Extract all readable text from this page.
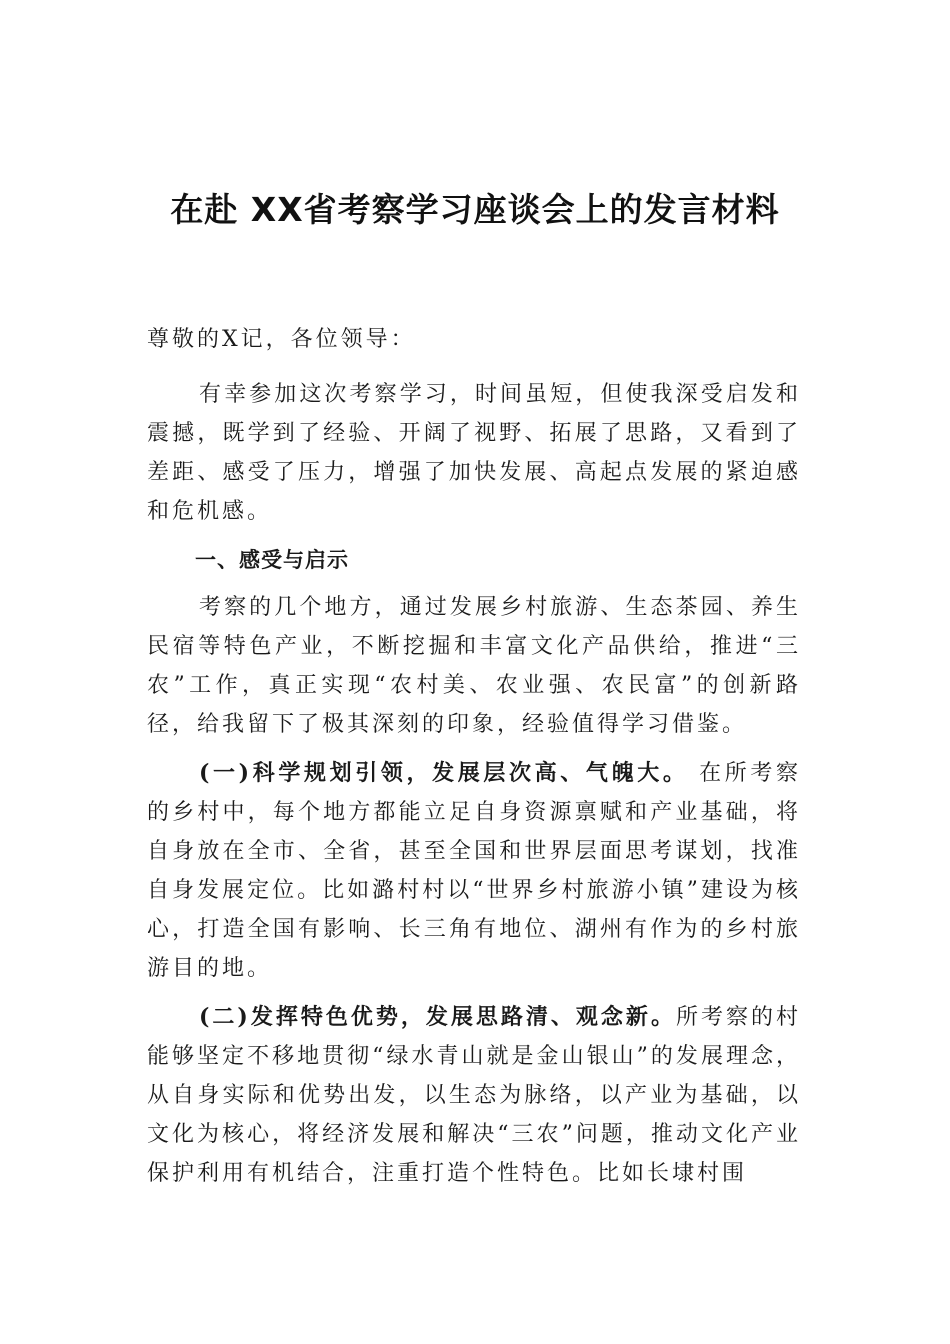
在赴 XX省考察学习座谈会上的发言材料

尊敬的X记，各位领导：

有幸参加这次考察学习，时间虽短，但使我深受启发和震撼，既学到了经验、开阔了视野、拓展了思路，又看到了差距、感受了压力，增强了加快发展、高起点发展的紧迫感和危机感。

一、感受与启示

考察的几个地方，通过发展乡村旅游、生态茶园、养生民宿等特色产业，不断挖掘和丰富文化产品供给，推进“三农”工作，真正实现“农村美、农业强、农民富”的创新路径，给我留下了极其深刻的印象，经验值得学习借鉴。

(一)科学规划引领，发展层次高、气魄大。 在所考察的乡村中，每个地方都能立足自身资源禀赋和产业基础，将自身放在全市、全省，甚至全国和世界层面思考谋划，找准自身发展定位。比如潞村村以“世界乡村旅游小镇”建设为核心，打造全国有影响、长三角有地位、湖州有作为的乡村旅游目的地。

(二)发挥特色优势，发展思路清、观念新。所考察的村能够坚定不移地贯彻“绿水青山就是金山银山”的发展理念，从自身实际和优势出发，以生态为脉络，以产业为基础，以文化为核心，将经济发展和解决“三农”问题，推动文化产业保护利用有机结合，注重打造个性特色。比如长埭村围
